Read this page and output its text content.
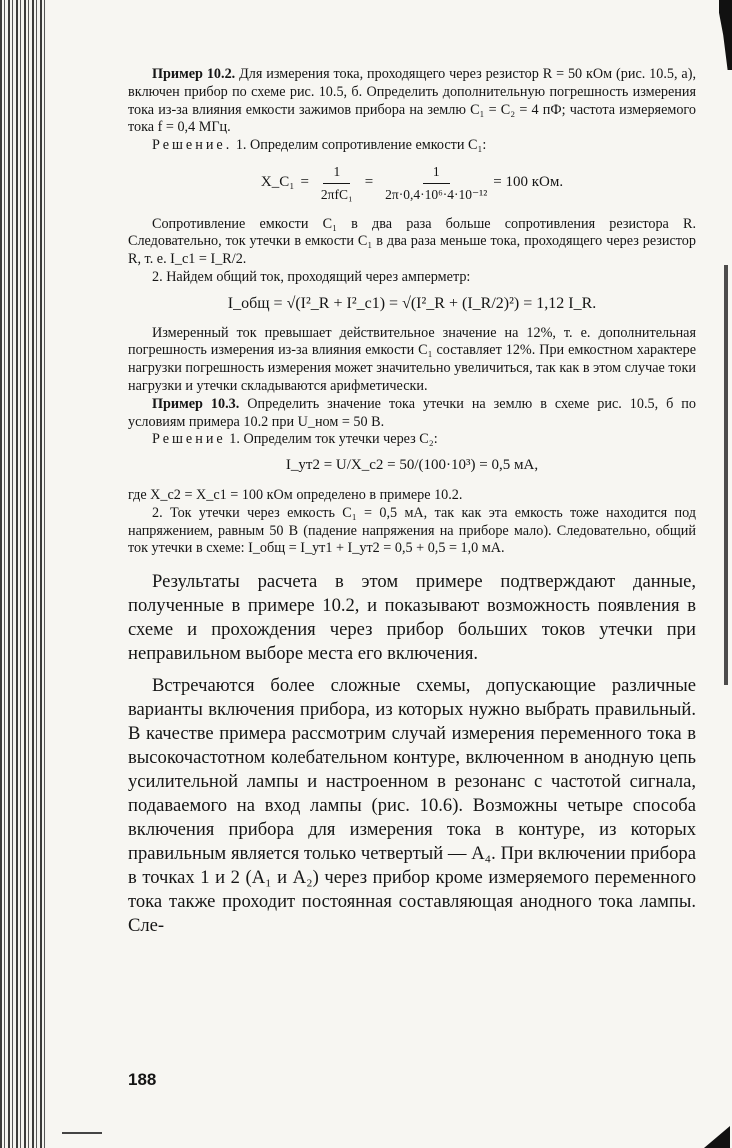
Пример 10.2. Для измерения тока, проходящего через резистор R = 50 кОм (рис. 10.5, а), включен прибор по схеме рис. 10.5, б. Определить дополнительную погрешность измерения тока из-за влияния емкости зажимов прибора на землю C₁ = C₂ = 4 пФ; частота измеряемого тока f = 0,4 МГц.

Решение. 1. Определим сопротивление емкости C₁:

X_C₁ = $\frac{1}{\text{2πfC₁}} = \frac{1}{\text{2π·0,4·10⁶·4·10⁻¹²}} = 100$ кОм.

Сопротивление емкости C₁ в два раза больше сопротивления резистора R. Следовательно, ток утечки в емкости C₁ в два раза меньше тока, проходящего через резистор R, т. е. I_c1 = I_R/2.

2. Найдем общий ток, проходящий через амперметр:

I_общ = √(I²_R + I²_c1) = √(I²_R + (I_R/2)²) = 1,12 I_R.

Измеренный ток превышает действительное значение на 12%, т. е. дополнительная погрешность измерения из-за влияния емкости C₁ составляет 12%. При емкостном характере нагрузки погрешность измерения может значительно увеличиться, так как в этом случае токи нагрузки и утечки складываются арифметически.

Пример 10.3. Определить значение тока утечки на землю в схеме рис. 10.5, б по условиям примера 10.2 при U_ном = 50 В.

Решение 1. Определим ток утечки через C₂:

I_ут2 = U/X_c2 = 50/(100·10³) = 0,5 мА,

где X_c2 = X_c1 = 100 кОм определено в примере 10.2.

2. Ток утечки через емкость C₁ = 0,5 мА, так как эта емкость тоже находится под напряжением, равным 50 В (падение напряжения на приборе мало). Следовательно, общий ток утечки в схеме: I_общ = I_ут1 + I_ут2 = 0,5 + 0,5 = 1,0 мА.

Результаты расчета в этом примере подтверждают данные, полученные в примере 10.2, и показывают возможность появления в схеме и прохождения через прибор больших токов утечки при неправильном выборе места его включения.

Встречаются более сложные схемы, допускающие различные варианты включения прибора, из которых нужно выбрать правильный. В качестве примера рассмотрим случай измерения переменного тока в высокочастотном колебательном контуре, включенном в анодную цепь усилительной лампы и настроенном в резонанс с частотой сигнала, подаваемого на вход лампы (рис. 10.6). Возможны четыре способа включения прибора для измерения тока в контуре, из которых правильным является только четвертый — A₄. При включении прибора в точках 1 и 2 (A₁ и A₂) через прибор кроме измеряемого переменного тока также проходит постоянная составляющая анодного тока лампы. Сле-

188
